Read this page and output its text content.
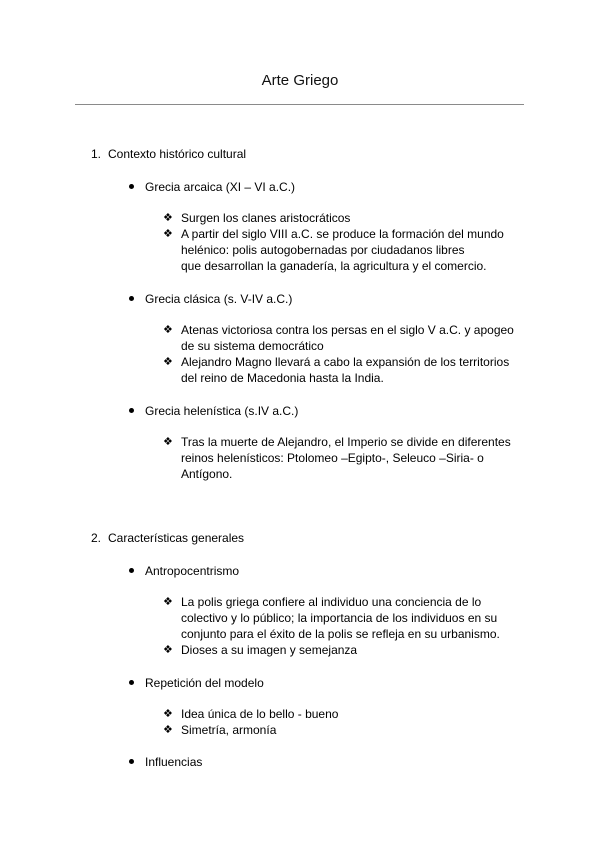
Arte Griego
1. Contexto histórico cultural
Grecia arcaica (XI – VI a.C.)
❖ Surgen los clanes aristocráticos
❖ A partir del siglo VIII a.C. se produce la formación del mundo
helénico: polis autogobernadas por ciudadanos libres
que desarrollan la ganadería, la agricultura y el comercio.
Grecia clásica (s. V-IV a.C.)
❖ Atenas victoriosa contra los persas en el siglo V a.C. y apogeo
de su sistema democrático
❖ Alejandro Magno llevará a cabo la expansión de los territorios
del reino de Macedonia hasta la India.
Grecia helenística (s.IV a.C.)
❖ Tras la muerte de Alejandro, el Imperio se divide en diferentes
reinos helenísticos: Ptolomeo –Egipto-, Seleuco –Siria- o
Antígono.
2. Características generales
Antropocentrismo
❖ La polis griega confiere al individuo una conciencia de lo
colectivo y lo público; la importancia de los individuos en su
conjunto para el éxito de la polis se refleja en su urbanismo.
❖ Dioses a su imagen y semejanza
Repetición del modelo
❖ Idea única de lo bello - bueno
❖ Simetría, armonía
Influencias
